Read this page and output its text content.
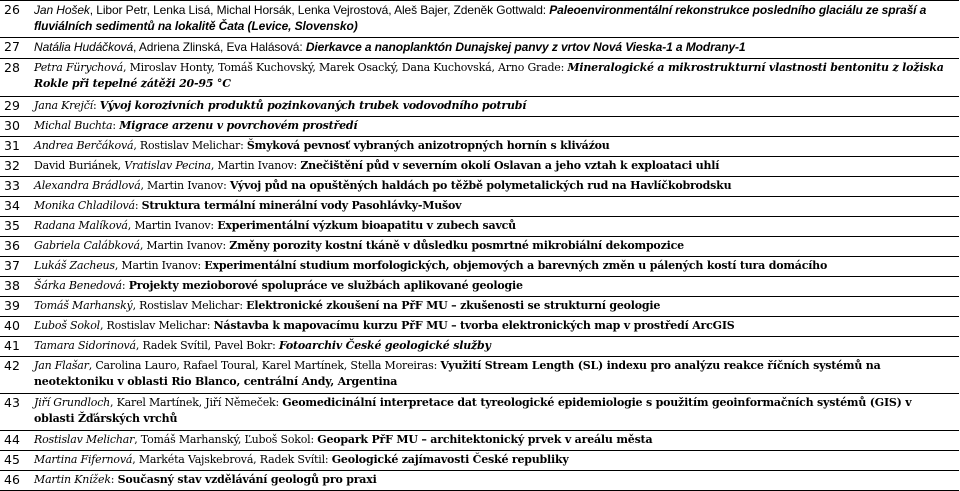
26	Jan Hošek, Libor Petr, Lenka Lisá, Michal Horsák, Lenka Vejrostová, Aleš Bajer, Zdeněk Gottwald: Paleoenvironmentální rekonstrukce posledního glaciálu ze spraší a fluviálních sedimentů na lokalitě Čata (Levice, Slovensko)
27	Natália Hudáčková, Adriena Zlinská, Eva Halásová: Dierkavce a nanoplanktón Dunajskej panvy z vrtov Nová Vieska-1 a Modrany-1
28	Petra Fürychová, Miroslav Honty, Tomáš Kuchovský, Marek Osacký, Dana Kuchovská, Arno Grade: Mineralogické a mikrostrukturní vlastnosti bentonitu z ložiska Rokle při tepelné zátěži 20-95 °C
29	Jana Krejčí: Vývoj korozivních produktů pozinkovaných trubek vodovodního potrubí
30	Michal Buchta: Migrace arzenu v povrchovém prostředí
31	Andrea Berčáková, Rostislav Melichar: Šmyková pevnosť vybraných anizotropných hornín s kliváźou
32	David Buriánek, Vratislav Pecina, Martin Ivanov: Znečištění půd v severním okolí Oslavan a jeho vztah k exploataci uhlí
33	Alexandra Brádlová, Martin Ivanov: Vývoj půd na opuštěných haldách po těžbě polymetalických rud na Havlíčkobrodsku
34	Monika Chladilová: Struktura termální minerální vody Pasohlávky-Mušov
35	Radana Malíková, Martin Ivanov: Experimentální výzkum bioapatitu v zubech savců
36	Gabriela Calábková, Martin Ivanov: Změny porozity kostní tkáně v důsledku posmrtné mikrobiální dekompozice
37	Lukáš Zacheus, Martin Ivanov: Experimentální studium morfologických, objemových a barevných změn u pálených kostí tura domácího
38	Šárka Benedová: Projekty mezioborové spolupráce ve službách aplikované geologie
39	Tomáš Marhanský, Rostislav Melichar: Elektronické zkoušení na PřF MU – zkušenosti se strukturní geologie
40	Ľuboš Sokol, Rostislav Melichar: Nástavba k mapovacímu kurzu PřF MU – tvorba elektronických map v prostředí ArcGIS
41	Tamara Sidorinová, Radek Svítil, Pavel Bokr: Fotoarchiv České geologické služby
42	Jan Flašar, Carolina Lauro, Rafael Toural, Karel Martínek, Stella Moreiras: Využití Stream Length (SL) indexu pro analýzu reakce říčních systémů na neotektoniku v oblasti Rio Blanco, centrální Andy, Argentina
43	Jiří Grundloch, Karel Martínek, Jiří Němeček: Geomedicinální interpretace dat tyreologické epidemiologie s použitím geoinformačních systémů (GIS) v oblasti Žďárských vrchů
44	Rostislav Melichar, Tomáš Marhanský, Ľuboš Sokol: Geopark PřF MU – architektonický prvek v areálu města
45	Martina Fifernová, Markéta Vajskebrová, Radek Svítil: Geologické zajímavosti České republiky
46	Martin Knížek: Současný stav vzdělávání geologů pro praxi
